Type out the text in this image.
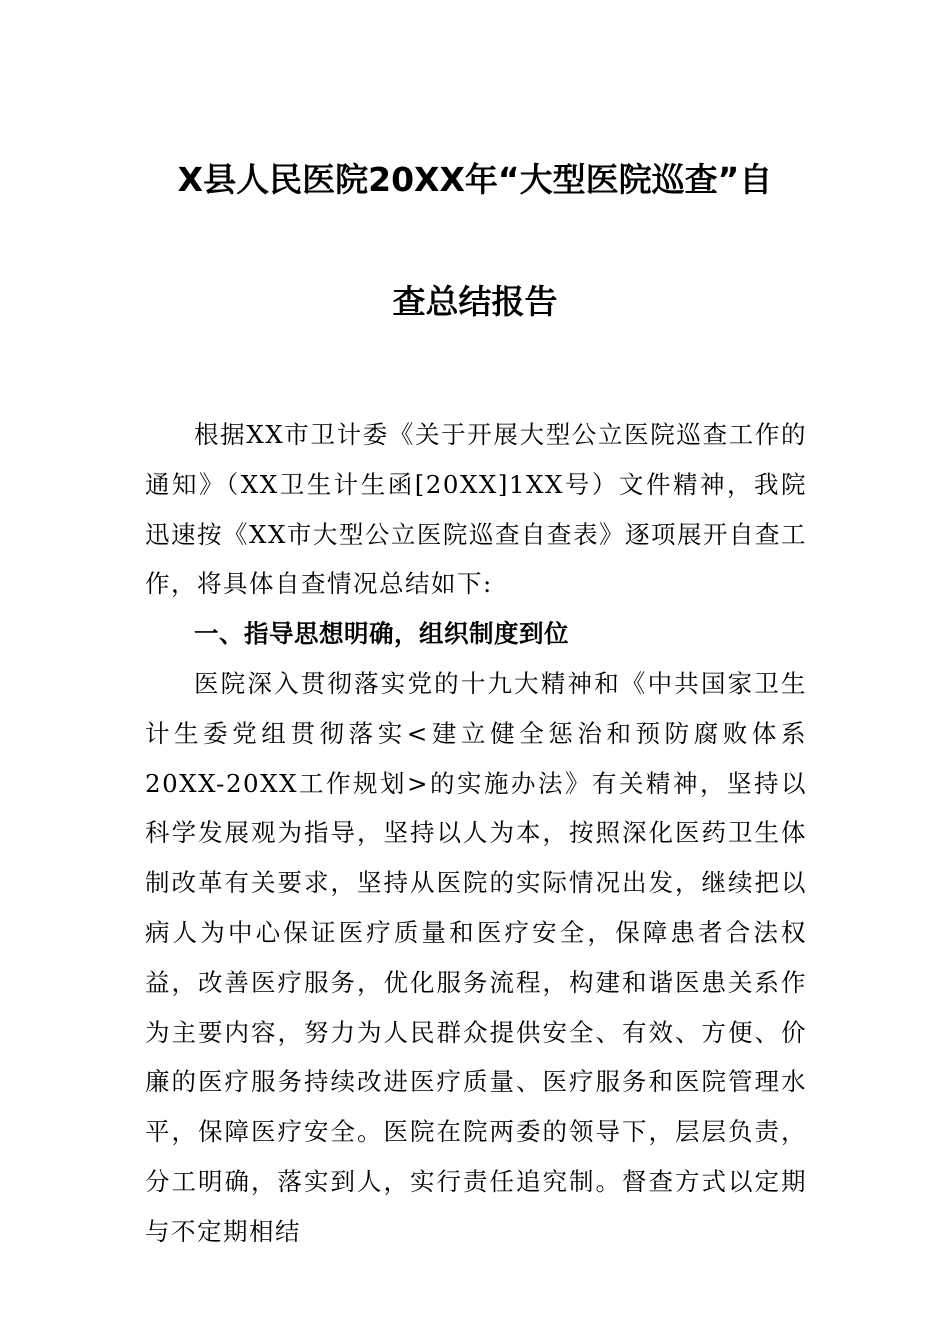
X县人民医院20XX年“大型医院巡查”自
查总结报告

根据XX市卫计委《关于开展大型公立医院巡查工作的通知》（XX卫生计生函[20XX]1XX号）文件精神，我院迅速按《XX市大型公立医院巡查自查表》逐项展开自查工作，将具体自查情况总结如下:

一、指导思想明确，组织制度到位

医院深入贯彻落实党的十九大精神和《中共国家卫生计生委党组贯彻落实<建立健全惩治和预防腐败体系20XX-20XX工作规划>的实施办法》有关精神，坚持以科学发展观为指导，坚持以人为本，按照深化医药卫生体制改革有关要求，坚持从医院的实际情况出发，继续把以病人为中心保证医疗质量和医疗安全，保障患者合法权益，改善医疗服务，优化服务流程，构建和谐医患关系作为主要内容，努力为人民群众提供安全、有效、方便、价廉的医疗服务持续改进医疗质量、医疗服务和医院管理水平，保障医疗安全。医院在院两委的领导下，层层负责，分工明确，落实到人，实行责任追究制。督查方式以定期与不定期相结
